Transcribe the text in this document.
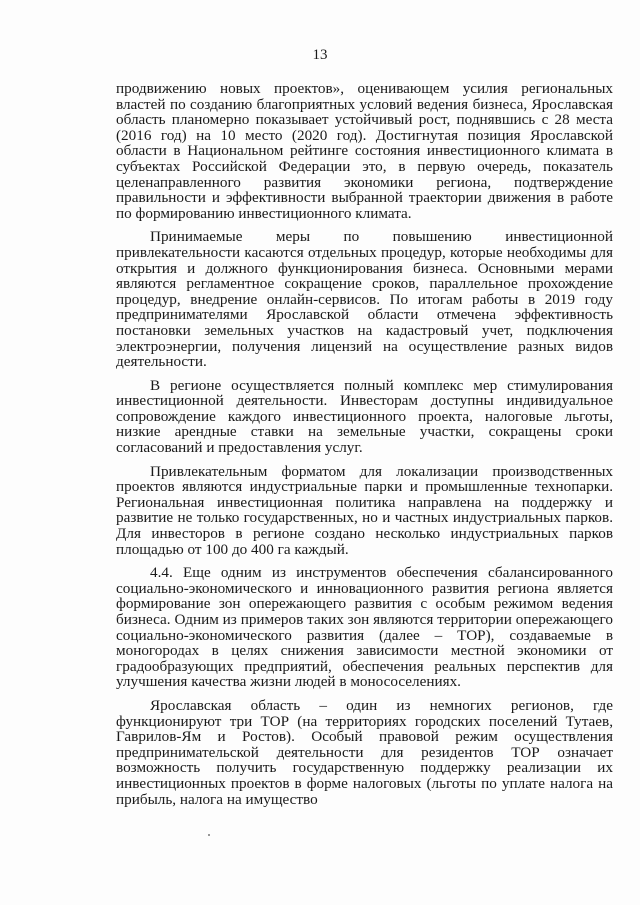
13

продвижению новых проектов», оценивающем усилия региональных властей по созданию благоприятных условий ведения бизнеса, Ярославская область планомерно показывает устойчивый рост, поднявшись с 28 места (2016 год) на 10 место (2020 год). Достигнутая позиция Ярославской области в Национальном рейтинге состояния инвестиционного климата в субъектах Российской Федерации это, в первую очередь, показатель целенаправленного развития экономики региона, подтверждение правильности и эффективности выбранной траектории движения в работе по формированию инвестиционного климата.

Принимаемые меры по повышению инвестиционной привлекательности касаются отдельных процедур, которые необходимы для открытия и должного функционирования бизнеса. Основными мерами являются регламентное сокращение сроков, параллельное прохождение процедур, внедрение онлайн-сервисов. По итогам работы в 2019 году предпринимателями Ярославской области отмечена эффективность постановки земельных участков на кадастровый учет, подключения электроэнергии, получения лицензий на осуществление разных видов деятельности.

В регионе осуществляется полный комплекс мер стимулирования инвестиционной деятельности. Инвесторам доступны индивидуальное сопровождение каждого инвестиционного проекта, налоговые льготы, низкие арендные ставки на земельные участки, сокращены сроки согласований и предоставления услуг.

Привлекательным форматом для локализации производственных проектов являются индустриальные парки и промышленные технопарки. Региональная инвестиционная политика направлена на поддержку и развитие не только государственных, но и частных индустриальных парков. Для инвесторов в регионе создано несколько индустриальных парков площадью от 100 до 400 га каждый.

4.4. Еще одним из инструментов обеспечения сбалансированного социально-экономического и инновационного развития региона является формирование зон опережающего развития с особым режимом ведения бизнеса. Одним из примеров таких зон являются территории опережающего социально-экономического развития (далее – ТОР), создаваемые в моногородах в целях снижения зависимости местной экономики от градообразующих предприятий, обеспечения реальных перспектив для улучшения качества жизни людей в монососелениях.

Ярославская область – один из немногих регионов, где функционируют три ТОР (на территориях городских поселений Тутаев, Гаврилов-Ям и Ростов). Особый правовой режим осуществления предпринимательской деятельности для резидентов ТОР означает возможность получить государственную поддержку реализации их инвестиционных проектов в форме налоговых (льготы по уплате налога на прибыль, налога на имущество
